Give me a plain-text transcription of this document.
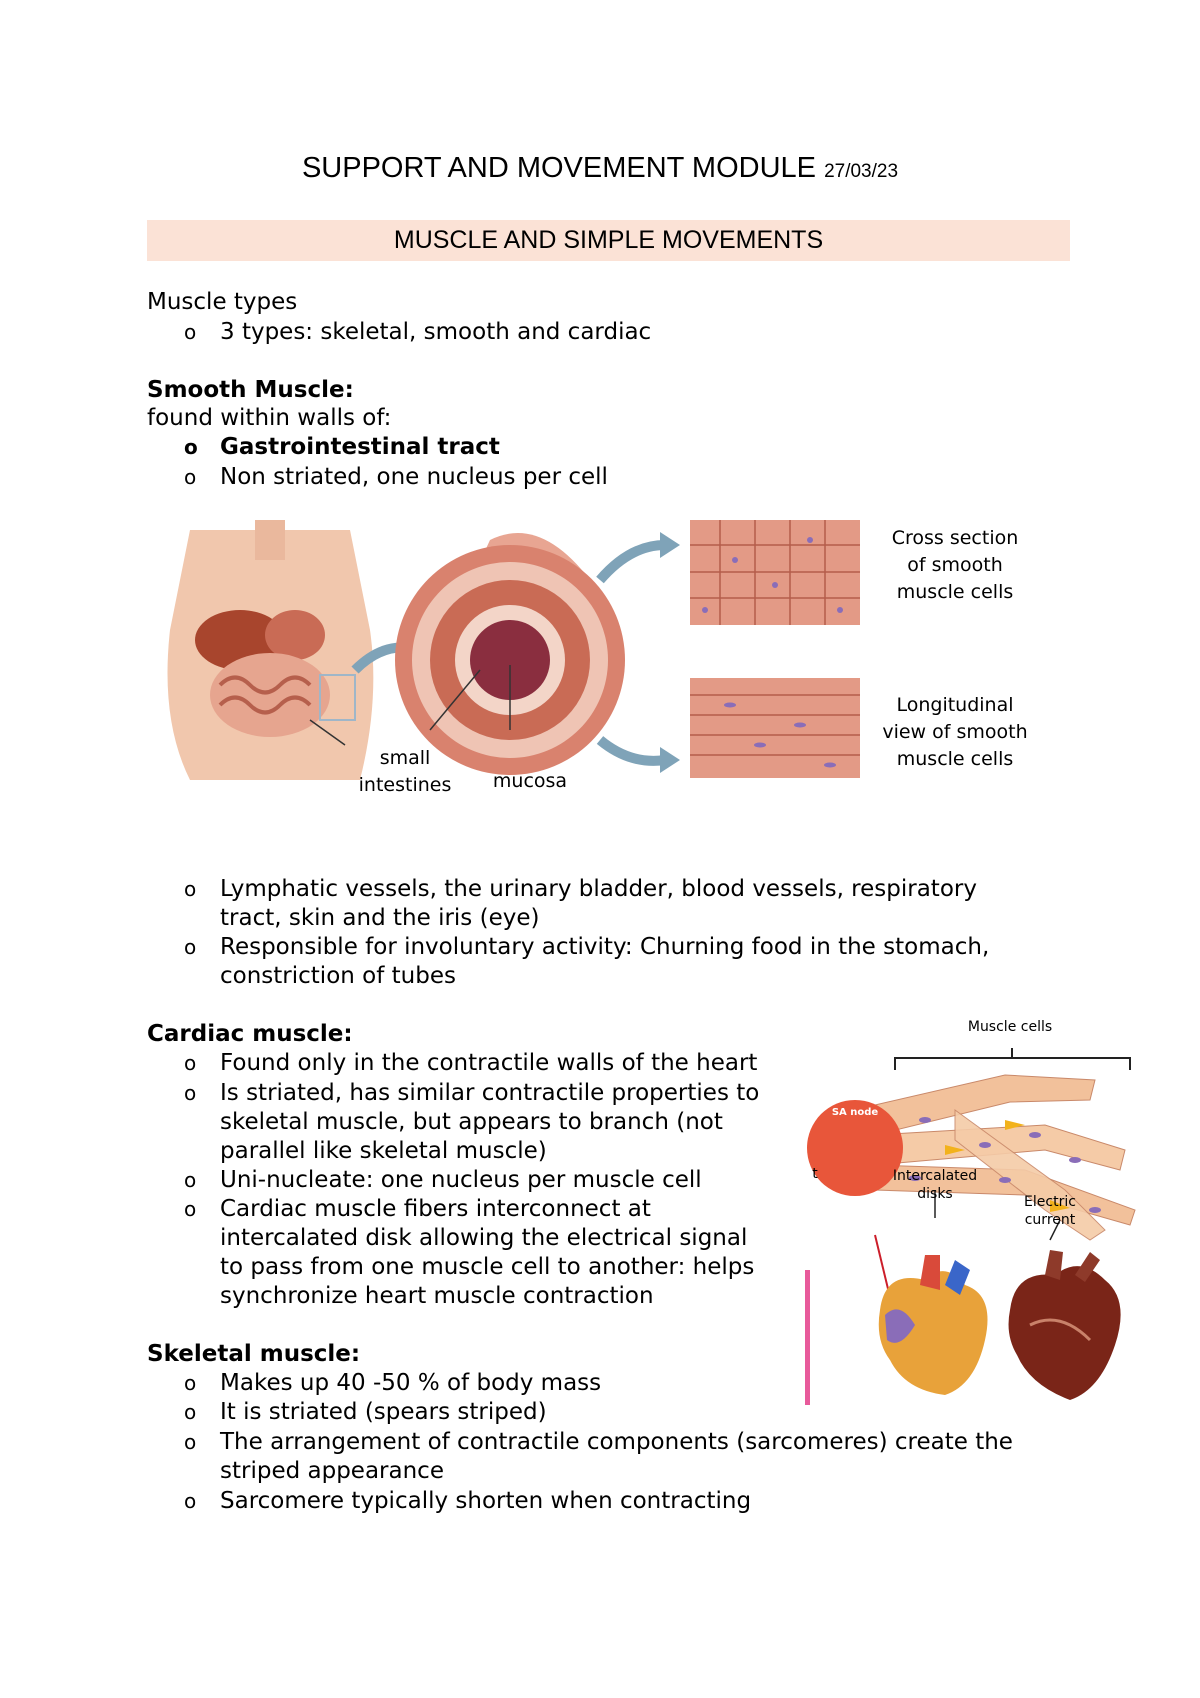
SUPPORT AND MOVEMENT MODULE 27/03/23
MUSCLE AND SIMPLE MOVEMENTS
Muscle types
o 3 types: skeletal, smooth and cardiac
Smooth Muscle:
found within walls of:
o Gastrointestinal tract
o Non striated, one nucleus per cell
small
intestines	mucosa
Cross section
of smooth
muscle cells
Longitudinal
view of smooth
muscle cells
o Lymphatic vessels, the urinary bladder, blood vessels, respiratory
tract, skin and the iris (eye)
o Responsible for involuntary activity: Churning food in the stomach,
constriction of tubes
Cardiac muscle:
o Found only in the contractile walls of the heart
o Is striated, has similar contractile properties to
skeletal muscle, but appears to branch (not
parallel like skeletal muscle)
o Uni-nucleate: one nucleus per muscle cell
o Cardiac muscle fibers interconnect at
intercalated disk allowing the electrical signal
to pass from one muscle cell to another: helps
synchronize heart muscle contraction
Muscle cells
SA node
Intercalated
disks	Electric
current
t
Skeletal muscle:
o Makes up 40 -50 % of body mass
o It is striated (spears striped)
o The arrangement of contractile components (sarcomeres) create the
striped appearance
o Sarcomere typically shorten when contracting
